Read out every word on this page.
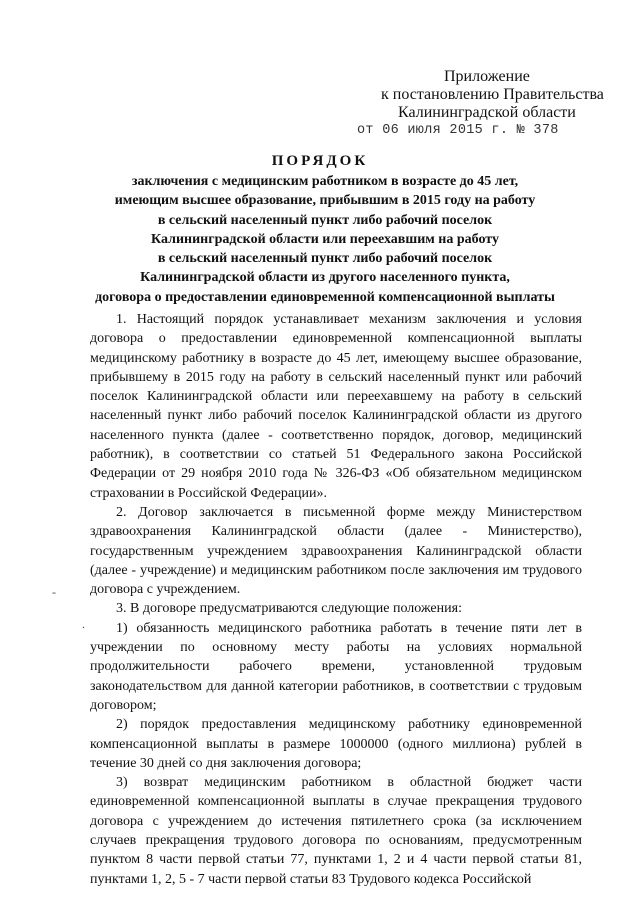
Приложение
к постановлению Правительства
Калининградской области
от 06 июля 2015 г. № 378
ПОРЯДОК
заключения с медицинским работником в возрасте до 45 лет,
имеющим высшее образование, прибывшим в 2015 году на работу
в сельский населенный пункт либо рабочий поселок
Калининградской области или переехавшим на работу
в сельский населенный пункт либо рабочий поселок
Калининградской области из другого населенного пункта,
договора о предоставлении единовременной компенсационной выплаты

1. Настоящий порядок устанавливает механизм заключения и условия договора о предоставлении единовременной компенсационной выплаты медицинскому работнику в возрасте до 45 лет, имеющему высшее образование, прибывшему в 2015 году на работу в сельский населенный пункт или рабочий поселок Калининградской области или переехавшему на работу в сельский населенный пункт либо рабочий поселок Калининградской области из другого населенного пункта (далее - соответственно порядок, договор, медицинский работник), в соответствии со статьей 51 Федерального закона Российской Федерации от 29 ноября 2010 года № 326-ФЗ «Об обязательном медицинском страховании в Российской Федерации».

2. Договор заключается в письменной форме между Министерством здравоохранения Калининградской области (далее - Министерство), государственным учреждением здравоохранения Калининградской области (далее - учреждение) и медицинским работником после заключения им трудового договора с учреждением.

3. В договоре предусматриваются следующие положения:

1) обязанность медицинского работника работать в течение пяти лет в учреждении по основному месту работы на условиях нормальной продолжительности рабочего времени, установленной трудовым законодательством для данной категории работников, в соответствии с трудовым договором;

2) порядок предоставления медицинскому работнику единовременной компенсационной выплаты в размере 1000000 (одного миллиона) рублей в течение 30 дней со дня заключения договора;

3) возврат медицинским работником в областной бюджет части единовременной компенсационной выплаты в случае прекращения трудового договора с учреждением до истечения пятилетнего срока (за исключением случаев прекращения трудового договора по основаниям, предусмотренным пунктом 8 части первой статьи 77, пунктами 1, 2 и 4 части первой статьи 81, пунктами 1, 2, 5 - 7 части первой статьи 83 Трудового кодекса Российской

-
.
